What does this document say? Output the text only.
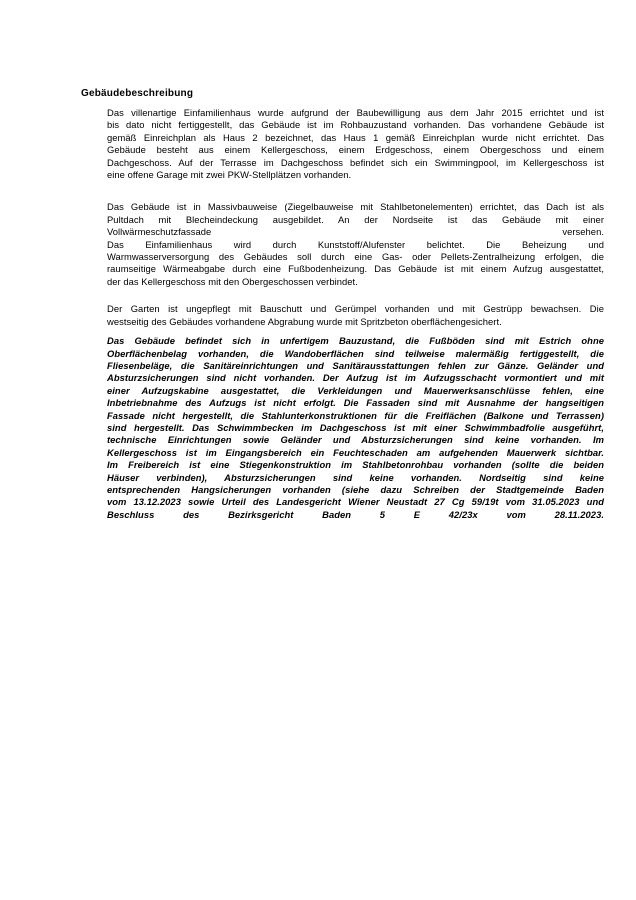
Gebäudebeschreibung
Das villenartige Einfamilienhaus wurde aufgrund der Baubewilligung aus dem Jahr 2015 errichtet und ist
bis dato nicht fertiggestellt, das Gebäude ist im Rohbauzustand vorhanden. Das vorhandene Gebäude ist
gemäß Einreichplan als Haus 2 bezeichnet, das Haus 1 gemäß Einreichplan wurde nicht errichtet. Das
Gebäude besteht aus einem Kellergeschoss, einem Erdgeschoss, einem Obergeschoss und einem
Dachgeschoss. Auf der Terrasse im Dachgeschoss befindet sich ein Swimmingpool, im Kellergeschoss ist
eine offene Garage mit zwei PKW-Stellplätzen vorhanden.
Das Gebäude ist in Massivbauweise (Ziegelbauweise mit Stahlbetonelementen) errichtet, das Dach ist als
Pultdach mit Blecheindeckung ausgebildet. An der Nordseite ist das Gebäude mit einer
Vollwärmeschutzfassade versehen.
Das Einfamilienhaus wird durch Kunststoff/Alufenster belichtet. Die Beheizung und
Warmwasserversorgung des Gebäudes soll durch eine Gas- oder Pellets-Zentralheizung erfolgen, die
raumseitige Wärmeabgabe durch eine Fußbodenheizung. Das Gebäude ist mit einem Aufzug ausgestattet,
der das Kellergeschoss mit den Obergeschossen verbindet.
Der Garten ist ungepflegt mit Bauschutt und Gerümpel vorhanden und mit Gestrüpp bewachsen. Die
westseitig des Gebäudes vorhandene Abgrabung wurde mit Spritzbeton oberflächengesichert.
Das Gebäude befindet sich in unfertigem Bauzustand, die Fußböden sind mit Estrich ohne
Oberflächenbelag vorhanden, die Wandoberflächen sind teilweise malermäßig fertiggestellt, die
Fliesenbeläge, die Sanitäreinrichtungen und Sanitärausstattungen fehlen zur Gänze. Geländer und
Absturzsicherungen sind nicht vorhanden. Der Aufzug ist im Aufzugsschacht vormontiert und mit
einer Aufzugskabine ausgestattet, die Verkleidungen und Mauerwerksanschlüsse fehlen, eine
Inbetriebnahme des Aufzugs ist nicht erfolgt. Die Fassaden sind mit Ausnahme der hangseitigen
Fassade nicht hergestellt, die Stahlunterkonstruktionen für die Freiflächen (Balkone und Terrassen)
sind hergestellt. Das Schwimmbecken im Dachgeschoss ist mit einer Schwimmbadfolie ausgeführt,
technische Einrichtungen sowie Geländer und Absturzsicherungen sind keine vorhanden. Im
Kellergeschoss ist im Eingangsbereich ein Feuchteschaden am aufgehenden Mauerwerk sichtbar.
Im Freibereich ist eine Stiegenkonstruktion im Stahlbetonrohbau vorhanden (sollte die beiden
Häuser verbinden), Absturzsicherungen sind keine vorhanden. Nordseitig sind keine
entsprechenden Hangsicherungen vorhanden (siehe dazu Schreiben der Stadtgemeinde Baden
vom 13.12.2023 sowie Urteil des Landesgericht Wiener Neustadt 27 Cg 59/19t vom 31.05.2023 und
Beschluss des Bezirksgericht Baden 5 E 42/23x vom 28.11.2023.
